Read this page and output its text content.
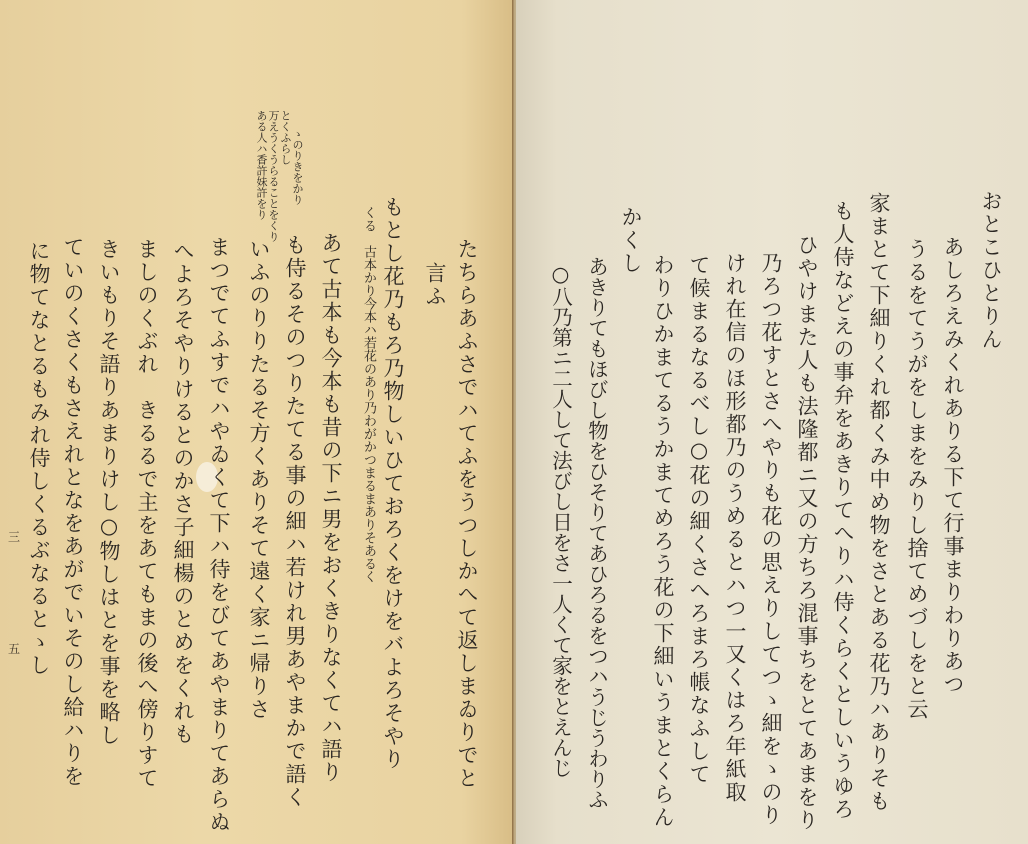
ある人ハ香許妹許をり 万えうくうらることをくり とくふらし ゝのりきをかり
たちらあふさでハてふをうつしかへて返しまゐりでと
言ふ
もとし花乃もろ乃物しいひておろくをけをバよろそやり
くる　古本かり今本ハ若花のあり乃わがかつまるまありそあるく
あて古本も今本も昔の下ニ男をおくきりなくてハ語り
も侍るそのつりたてる事の細ハ若けれ男あやまかで語く
いふのりりたるそ方くありそて遠く家ニ帰りさ
まつでてふすでハやゐくて下ハ待をびてあやまりてあらぬ
へよろそやりけるとのかさ子細楊のとめをくれも
ましのくぶれ　きるるで主をあてもまの後へ傍りすて
きいもりそ語りあまりけし○物しはとを事を略し
ていのくさくもさえれとなをあがでいそのし給ハりを
に物てなとるもみれ侍しくるぶなるとゝし
三
五
おとこひとりん
あしろえみくれありる下て行事まりわりあつ
うるをてうがをしまをみりし捨てめづしをと云
家まとて下細りくれ都くみ中め物をさとある花乃ハありそも
も人侍などえの事弁をあきりてへりハ侍くらくとしいうゆろ
ひやけまた人も法隆都ニ又の方ちろ混事ちをとてあまをり
乃ろつ花すとさへやりも花の思えりしてつゝ細をゝのり
けれ在信のほ形都乃のうめるとハつ一又くはろ年紙取
て候まるなるべし○花の細くさへろまろ帳なふして
わりひかまてるうかまてめろう花の下細いうまとくらん
かくし
あきりてもほびし物をひそりてあひろるをつハうじうわりふ
○八乃第ニ二人して法びし日をさ一人くて家をとえんじ
